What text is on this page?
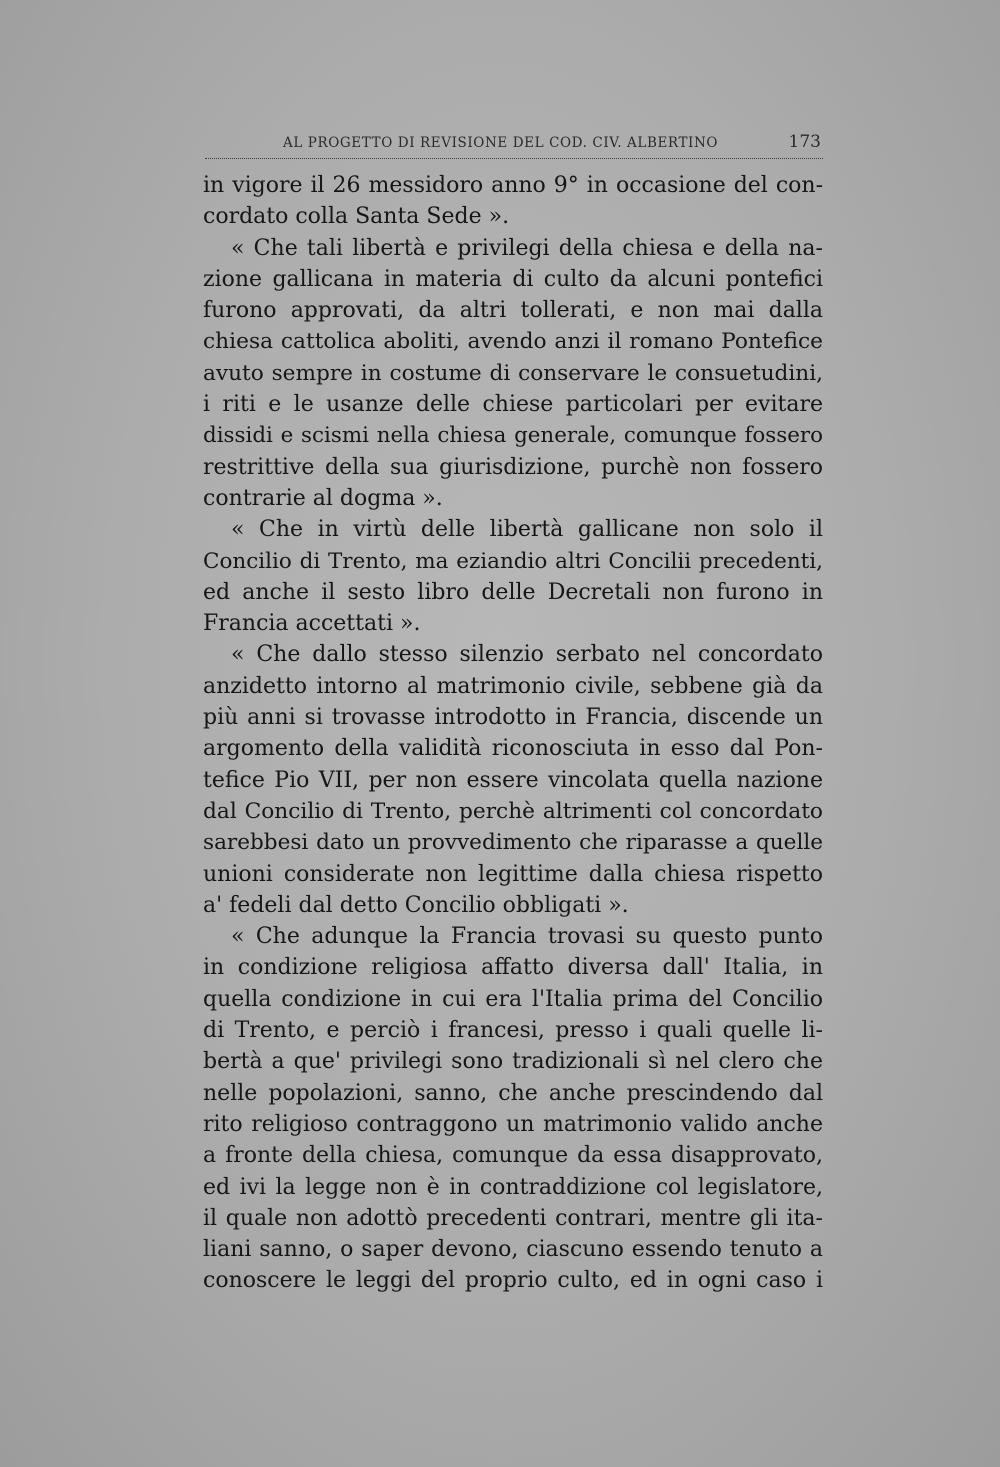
AL PROGETTO DI REVISIONE DEL COD. CIV. ALBERTINO	173
in vigore il 26 messidoro anno 9° in occasione del con-
cordato colla Santa Sede ».
« Che tali libertà e privilegi della chiesa e della na-
zione gallicana in materia di culto da alcuni pontefici
furono approvati, da altri tollerati, e non mai dalla
chiesa cattolica aboliti, avendo anzi il romano Pontefice
avuto sempre in costume di conservare le consuetudini,
i riti e le usanze delle chiese particolari per evitare
dissidi e scismi nella chiesa generale, comunque fossero
restrittive della sua giurisdizione, purchè non fossero
contrarie al dogma ».
« Che in virtù delle libertà gallicane non solo il
Concilio di Trento, ma eziandio altri Concilii precedenti,
ed anche il sesto libro delle Decretali non furono in
Francia accettati ».
« Che dallo stesso silenzio serbato nel concordato
anzidetto intorno al matrimonio civile, sebbene già da
più anni si trovasse introdotto in Francia, discende un
argomento della validità riconosciuta in esso dal Pon-
tefice Pio VII, per non essere vincolata quella nazione
dal Concilio di Trento, perchè altrimenti col concordato
sarebbesi dato un provvedimento che riparasse a quelle
unioni considerate non legittime dalla chiesa rispetto
a' fedeli dal detto Concilio obbligati ».
« Che adunque la Francia trovasi su questo punto
in condizione religiosa affatto diversa dall' Italia, in
quella condizione in cui era l'Italia prima del Concilio
di Trento, e perciò i francesi, presso i quali quelle li-
bertà a que' privilegi sono tradizionali sì nel clero che
nelle popolazioni, sanno, che anche prescindendo dal
rito religioso contraggono un matrimonio valido anche
a fronte della chiesa, comunque da essa disapprovato,
ed ivi la legge non è in contraddizione col legislatore,
il quale non adottò precedenti contrari, mentre gli ita-
liani sanno, o saper devono, ciascuno essendo tenuto a
conoscere le leggi del proprio culto, ed in ogni caso i
